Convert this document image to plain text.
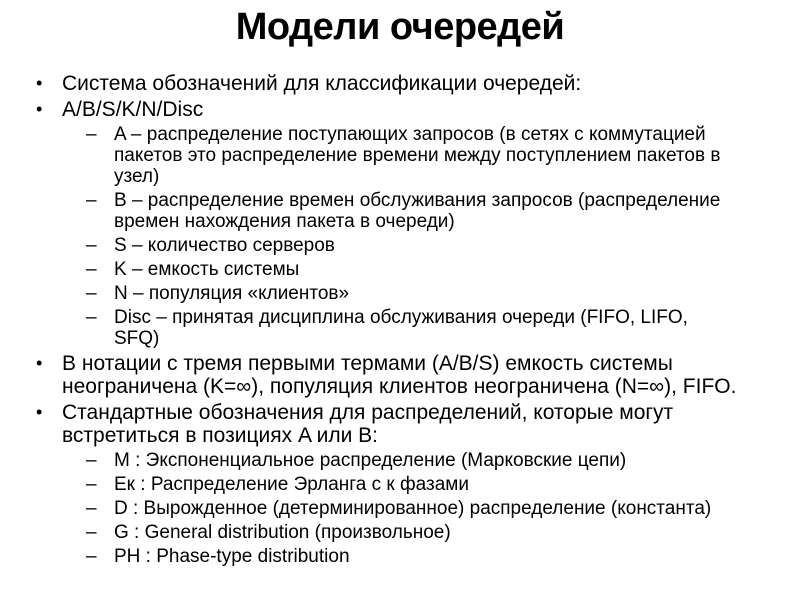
Модели очередей
• Система обозначений для классификации очередей:
• A/B/S/K/N/Disc
– A – распределение поступающих запросов (в сетях с коммутацией пакетов это распределение времени между поступлением пакетов в узел)
– B – распределение времен обслуживания запросов (распределение времен нахождения пакета в очереди)
– S – количество серверов
– K – емкость системы
– N – популяция «клиентов»
– Disc – принятая дисциплина обслуживания очереди (FIFO, LIFO, SFQ)
• В нотации с тремя первыми термами (A/B/S) емкость системы неограничена (K=∞), популяция клиентов неограничена (N=∞), FIFO.
• Стандартные обозначения для распределений, которые могут встретиться в позициях A или B:
– M : Экспоненциальное распределение (Марковские цепи)
– Ек : Распределение Эрланга с к фазами
– D : Вырожденное (детерминированное) распределение (константа)
– G : General distribution (произвольное)
– PH : Phase-type distribution
